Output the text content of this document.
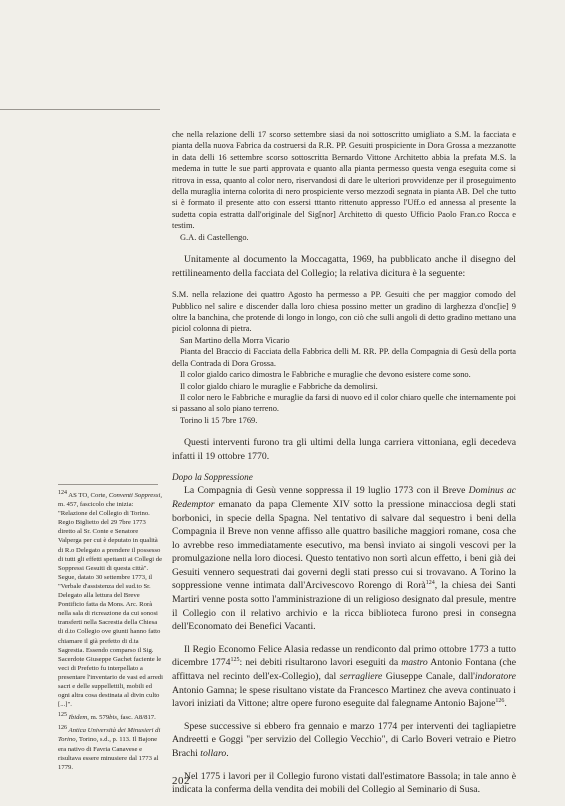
che nella relazione delli 17 scorso settembre siasi da noi sottoscritto umigliato a S.M. la facciata e pianta della nuova Fabrica da costruersi da R.R. PP. Gesuiti prospiciente in Dora Grossa a mezzanotte in data delli 16 settembre scorso sottoscritta Bernardo Vittone Architetto abbia la prefata M.S. la medema in tutte le sue parti approvata e quanto alla pianta permesso questa venga eseguita come si ritrova in essa, quanto al color nero, riservandosi di dare le ulteriori provvidenze per il proseguimento della muraglia interna colorita di nero prospiciente verso mezzodì segnata in pianta AB. Del che tutto si è formato il presente atto con essersi tttanto rittenuto appresso l'Uff.o ed annessa al presente la sudetta copia estratta dall'originale del Sig[nor] Architetto di questo Ufficio Paolo Fran.co Rocca e testim.

G.A. di Castellengo.

Unitamente al documento la Moccagatta, 1969, ha pubblicato anche il disegno del rettilineamento della facciata del Collegio; la relativa dicitura è la seguente:

S.M. nella relazione dei quattro Agosto ha permesso a PP. Gesuiti che per maggior comodo del Pubblico nel salire e discender dalla loro chiesa possino metter un gradino di larghezza d'onc[ie] 9 oltre la banchina, che protende di longo in longo, con ciò che sulli angoli di detto gradino mettano una piciol colonna di pietra.

San Martino della Morra Vicario

Pianta del Braccio di Facciata della Fabbrica delli M. RR. PP. della Compagnia di Gesù della porta della Contrada di Dora Grossa.

Il color gialdo carico dimostra le Fabbriche e muraglie che devono esistere come sono.

Il color gialdo chiaro le muraglie e Fabbriche da demolirsi.

Il color nero le Fabbriche e muraglie da farsi di nuovo ed il color chiaro quelle che internamente poi si passano al solo piano terreno.

Torino li 15 7bre 1769.

Questi interventi furono tra gli ultimi della lunga carriera vittoniana, egli decedeva infatti il 19 ottobre 1770.

Dopo la Soppressione

La Compagnia di Gesù venne soppressa il 19 luglio 1773 con il Breve Dominus ac Redemptor emanato da papa Clemente XIV sotto la pressione minacciosa degli stati borbonici, in specie della Spagna. Nel tentativo di salvare dal sequestro i beni della Compagnia il Breve non venne affisso alle quattro basiliche maggiori romane, cosa che lo avrebbe reso immediatamente esecutivo, ma bensì inviato ai singoli vescovi per la promulgazione nella loro diocesi. Questo tentativo non sortì alcun effetto, i beni già dei Gesuiti vennero sequestrati dai governi degli stati presso cui si trovavano. A Torino la soppressione venne intimata dall'Arcivescovo Rorengo di Rorà$^{124}$, la chiesa dei Santi Martiri venne posta sotto l'amministrazione di un religioso designato dal presule, mentre il Collegio con il relativo archivio e la ricca biblioteca furono presi in consegna dell'Economato dei Benefici Vacanti.

Il Regio Economo Felice Alasia redasse un rendiconto dal primo ottobre 1773 a tutto dicembre 1774$^{125}$: nei debiti risultarono lavori eseguiti da mastro Antonio Fontana (che affittava nel recinto dell'ex-Collegio), dal serragliere Giuseppe Canale, dall'indoratore Antonio Gamna; le spese risultano vistate da Francesco Martinez che aveva continuato i lavori iniziati da Vittone; altre opere furono eseguite dal falegname Antonio Bajone$^{126}$.

Spese successive si ebbero fra gennaio e marzo 1774 per interventi dei tagliapietre Andreetti e Goggi "per servizio del Collegio Vecchio", di Carlo Boveri vetraio e Pietro Brachi tollaro.

Nel 1775 i lavori per il Collegio furono vistati dall'estimatore Bassola; in tale anno è indicata la conferma della vendita dei mobili del Collegio al Seminario di Susa.

$^{124}$ AS TO, Corte, Conventi Soppressi, m. 457, fascicolo che inizia: "Relazione del Collegio di Torino. Regio Biglietto del 29 7bre 1773 diretto al Sr. Conte e Senatore Valperga per cui è deputato in qualità di R.o Delegato a prendere il possesso di tutti gli effetti spettanti ai Collegi de Soppressi Gesuiti di questa città". Segue, datato 30 settembre 1773, il "Verbale d'assistenza del sud.to Sr. Delegato alla lettura del Breve Pontificio fatta da Mons. Arc. Rorà nella sala di ricreazione da cui sonosi transferti nella Sacrestia della Chiesa di d.to Collegio ove giunti hanno fatto chiamare il già prefetto di d.ta Sagrestia. Essendo comparso il Sig. Sacerdote Giuseppe Gachet faciente le veci di Prefetto fu interpellato a presentare l'inventario de vasi ed arredi sacri e delle suppellettili, mobili ed ogni altra cosa destinata al divin culto [...]".

$^{125}$ Ibidem, m. 579bis, fasc. A8/817.

$^{126}$ Antica Università dei Minusieri di Torino, Torino, s.d., p. 113. Il Bajone era nativo di Favria Canavese e risultava essere minusiere dal 1773 al 1779.

202
